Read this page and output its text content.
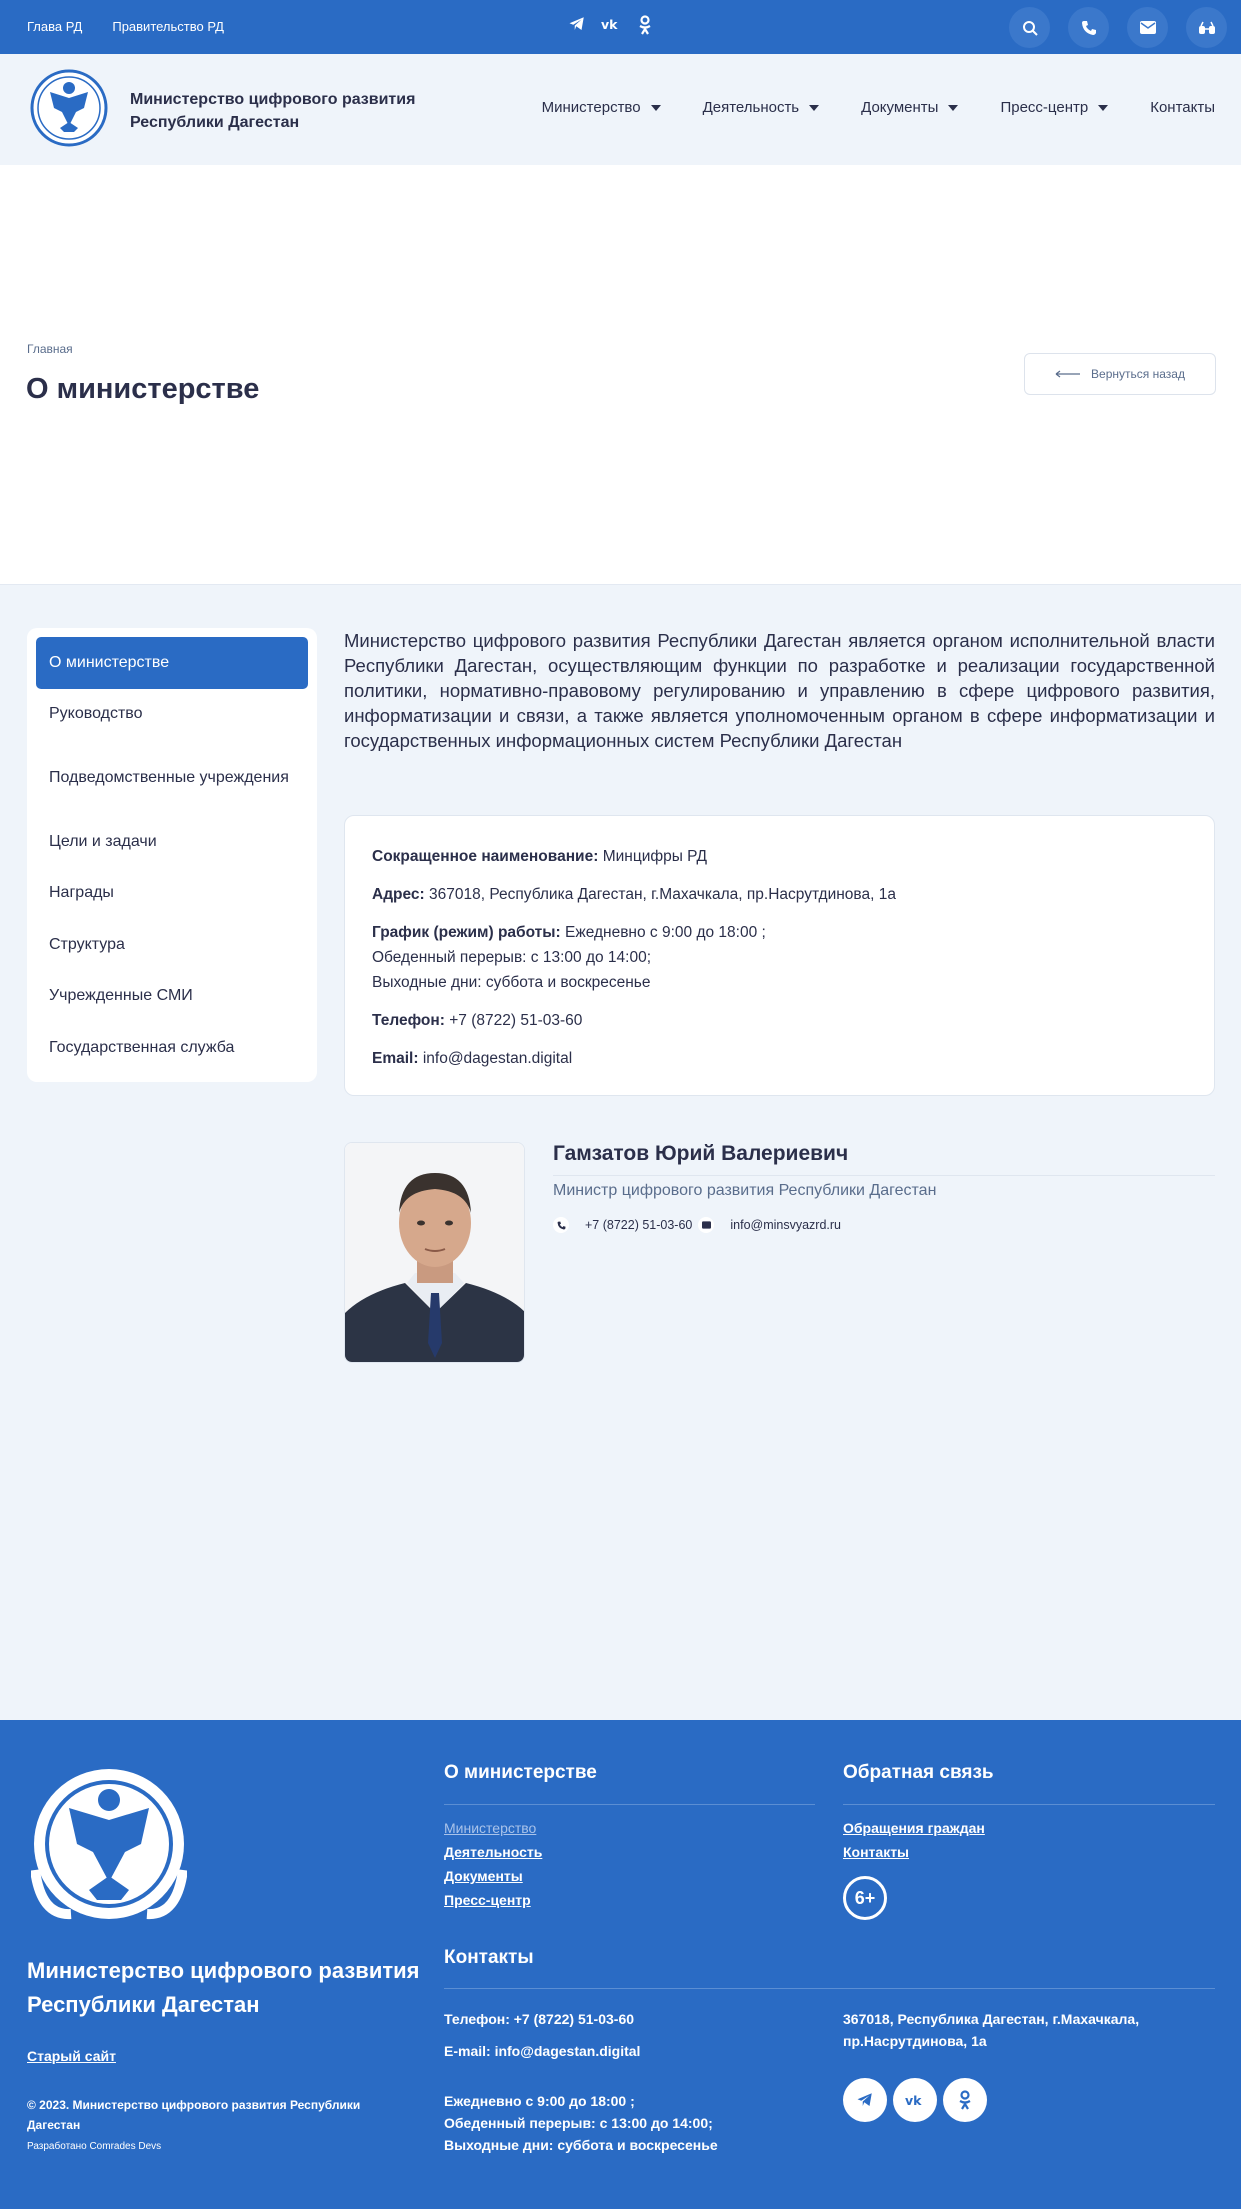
Глава РД Правительство РД	vk
Министерство цифрового развития
Республики Дагестан
Министерство	Деятельность	Документы	Пресс-центр	Контакты
Главная
О министерстве	Вернуться назад
О министерстве
Руководство
Подведомственные учреждения
Цели и задачи
Награды
Структура
Учрежденные СМИ
Государственная служба

Министерство цифрового развития Республики Дагестан является органом исполнительной власти Республики Дагестан, осуществляющим функции по разработке и реализации государственной политики, нормативно-правовому регулированию и управлению в сфере цифрового развития, информатизации и связи, а также является уполномоченным органом в сфере информатизации и государственных информационных систем Республики Дагестан

Сокращенное наименование: Минцифры РД

Адрес: 367018, Республика Дагестан, г.Махачкала, пр.Насрутдинова, 1а

График (режим) работы: Ежедневно с 9:00 до 18:00 ;
Обеденный перерыв: с 13:00 до 14:00;
Выходные дни: суббота и воскресенье

Телефон: +7 (8722) 51-03-60

Email: info@dagestan.digital

Гамзатов Юрий Валериевич
Министр цифрового развития Республики Дагестан
+7 (8722) 51-03-60	info@minsvyazrd.ru
Министерство цифрового развития
Республики Дагестан
Старый сайт
© 2023. Министерство цифрового развития Республики Дагестан
Разработано Comrades Devs
О министерстве
Министерство
Деятельность
Документы
Пресс-центр
Обратная связь
Обращения граждан
Контакты
6+
Контакты
Телефон: +7 (8722) 51-03-60
E-mail: info@dagestan.digital
Ежедневно с 9:00 до 18:00 ;
Обеденный перерыв: с 13:00 до 14:00;
Выходные дни: суббота и воскресенье
367018, Республика Дагестан, г.Махачкала, пр.Насрутдинова, 1а
vk
